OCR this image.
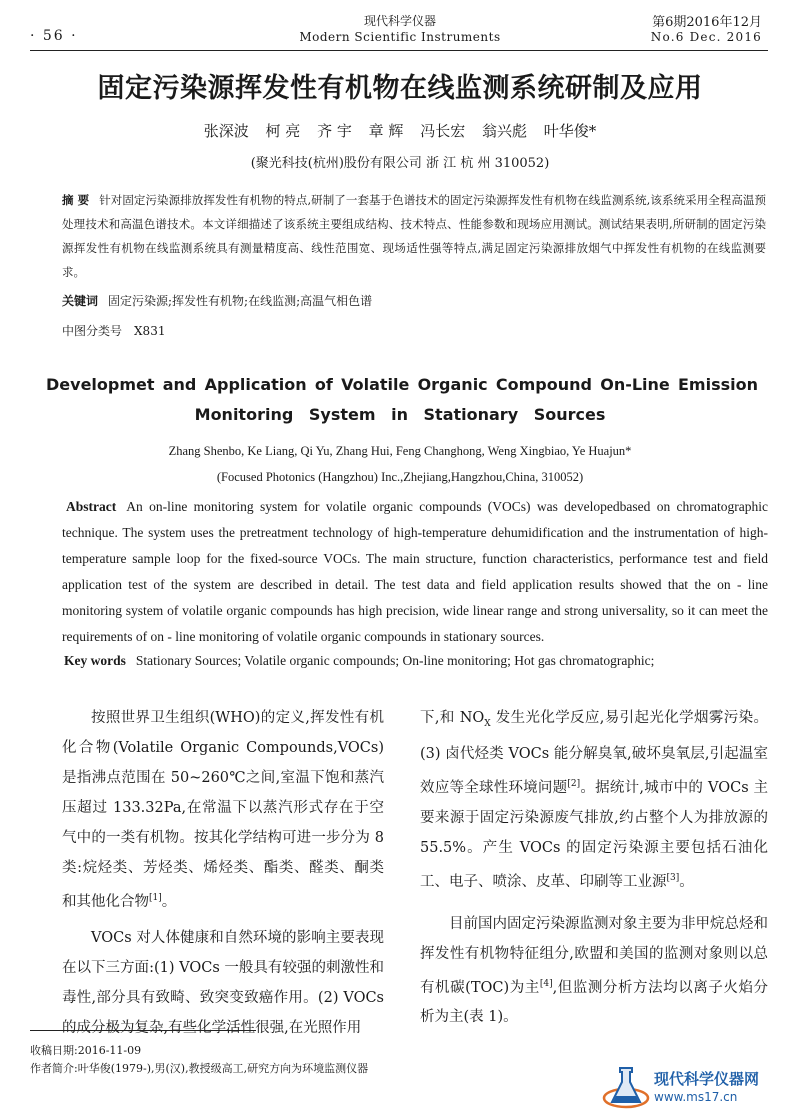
· 56 ·
现代科学仪器
Modern Scientific Instruments
第6期2016年12月
No.6 Dec. 2016
固定污染源挥发性有机物在线监测系统研制及应用
张深波 柯 亮 齐 宇 章 辉 冯长宏 翁兴彪 叶华俊*
(聚光科技(杭州)股份有限公司 浙 江 杭 州 310052)
摘 要 针对固定污染源排放挥发性有机物的特点,研制了一套基于色谱技术的固定污染源挥发性有机物在线监测系统,该系统采用全程高温预处理技术和高温色谱技术。本文详细描述了该系统主要组成结构、技术特点、性能参数和现场应用测试。测试结果表明,所研制的固定污染源挥发性有机物在线监测系统具有测量精度高、线性范围宽、现场适性强等特点,满足固定污染源排放烟气中挥发性有机物的在线监测要求。
关键词 固定污染源;挥发性有机物;在线监测;高温气相色谱
中图分类号 X831
Developmet and Application of Volatile Organic Compound On-Line Emission
Monitoring System in Stationary Sources
Zhang Shenbo, Ke Liang, Qi Yu, Zhang Hui, Feng Changhong, Weng Xingbiao, Ye Huajun*
(Focused Photonics (Hangzhou) Inc.,Zhejiang,Hangzhou,China, 310052)
Abstract An on-line monitoring system for volatile organic compounds (VOCs) was developedbased on chromatographic technique. The system uses the pretreatment technology of high-temperature dehumidification and the instrumentation of high-temperature sample loop for the fixed-source VOCs. The main structure, function characteristics, performance test and field application test of the system are described in detail. The test data and field application results showed that the on - line monitoring system of volatile organic compounds has high precision, wide linear range and strong universality, so it can meet the requirements of on - line monitoring of volatile organic compounds in stationary sources.
Key words Stationary Sources; Volatile organic compounds; On-line monitoring; Hot gas chromatographic;

按照世界卫生组织(WHO)的定义,挥发性有机化合物(Volatile Organic Compounds,VOCs)是指沸点范围在 50~260℃之间,室温下饱和蒸汽压超过 133.32Pa,在常温下以蒸汽形式存在于空气中的一类有机物。按其化学结构可进一步分为 8 类:烷烃类、芳烃类、烯烃类、酯类、醛类、酮类和其他化合物[1]。

VOCs 对人体健康和自然环境的影响主要表现在以下三方面:(1) VOCs 一般具有较强的刺激性和毒性,部分具有致畸、致突变致癌作用。(2) VOCs 的成分极为复杂,有些化学活性很强,在光照作用

下,和 $NO_X$ 发生光化学反应,易引起光化学烟雾污染。(3) 卤代烃类 VOCs 能分解臭氧,破坏臭氧层,引起温室效应等全球性环境问题[2]。据统计,城市中的 VOCs 主要来源于固定污染源废气排放,约占整个人为排放源的 55.5%。产生 VOCs 的固定污染源主要包括石油化工、电子、喷涂、皮革、印刷等工业源[3]。

目前国内固定污染源监测对象主要为非甲烷总烃和挥发性有机物特征组分,欧盟和美国的监测对象则以总有机碳(TOC)为主[4],但监测分析方法均以离子火焰分析为主(表 1)。

收稿日期:2016-11-09
作者简介:叶华俊(1979-),男(汉),教授级高工,研究方向为环境监测仪器
现代科学仪器网
www.ms17.cn
